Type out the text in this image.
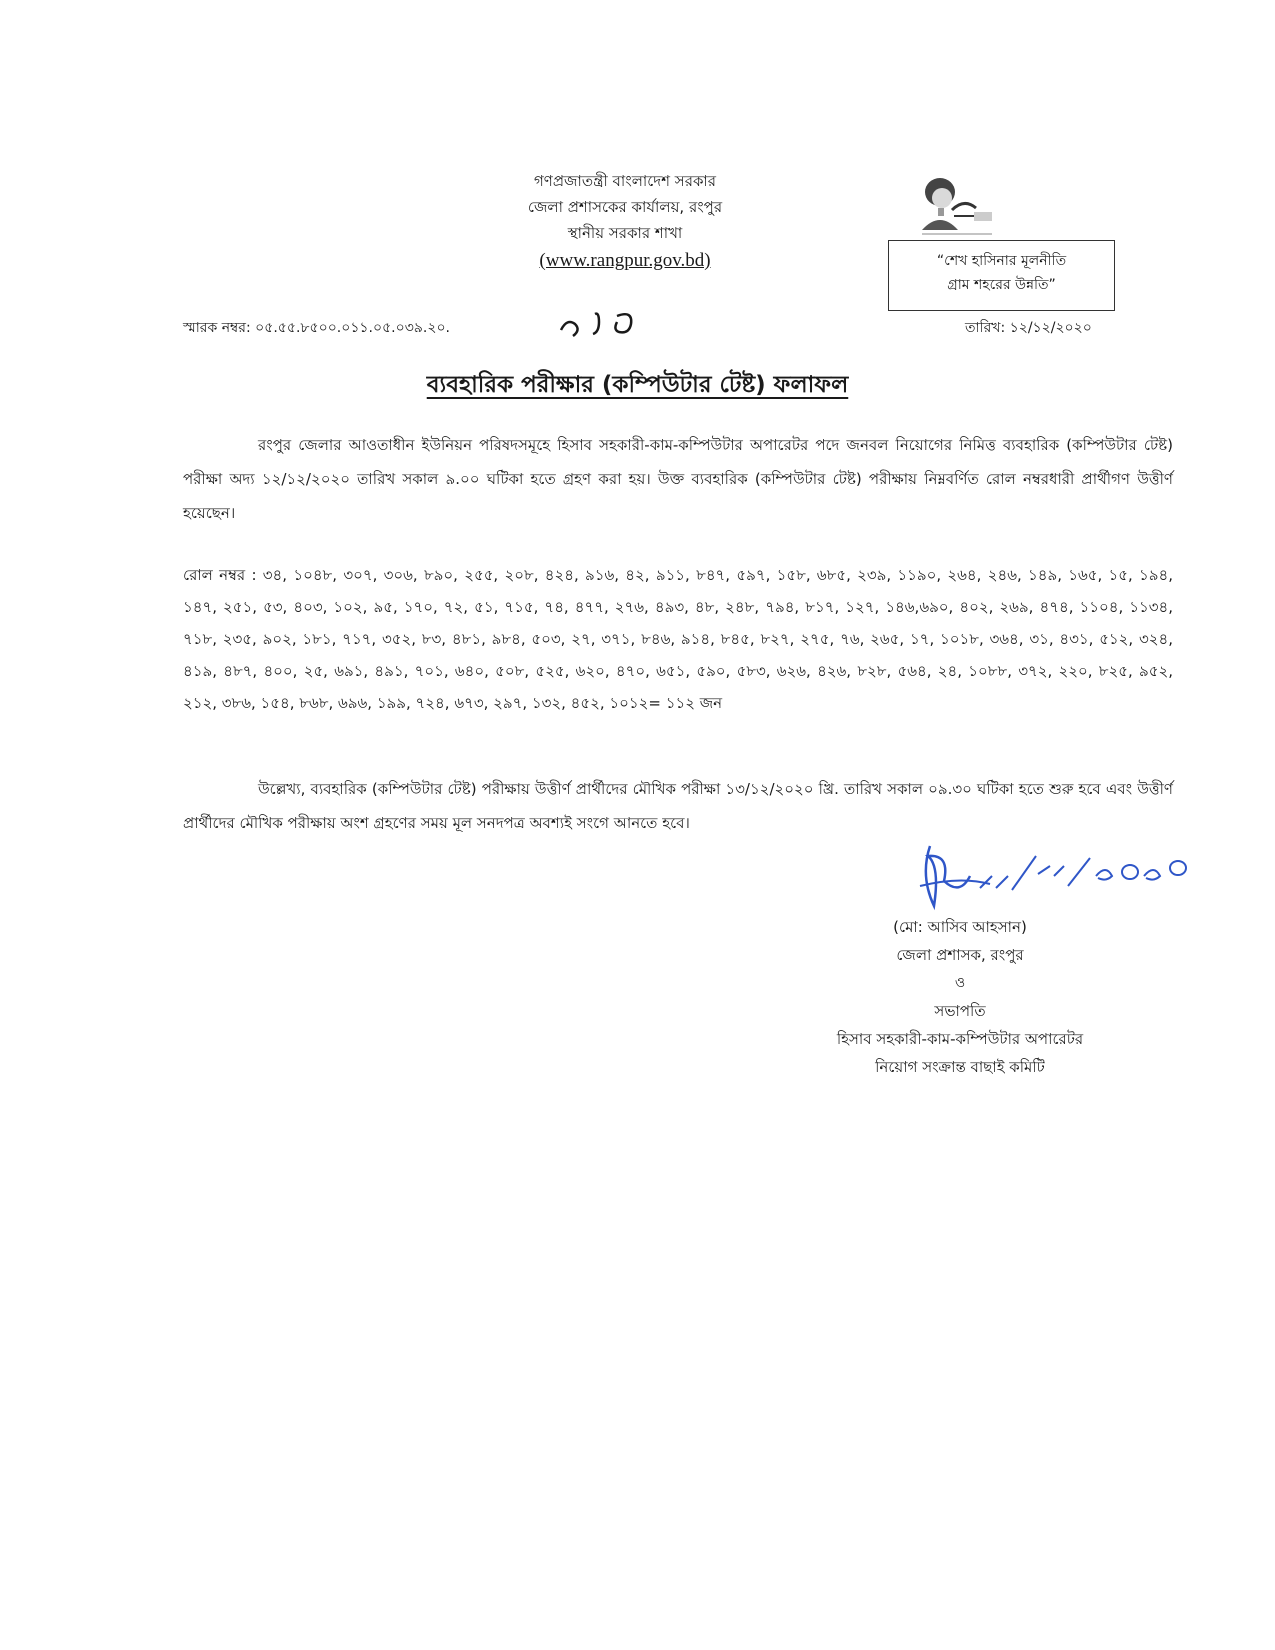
গণপ্রজাতন্ত্রী বাংলাদেশ সরকার
জেলা প্রশাসকের কার্যালয়, রংপুর
স্থানীয় সরকার শাখা
(www.rangpur.gov.bd)	“শেখ হাসিনার মূলনীতি
গ্রাম শহরের উন্নতি”
স্মারক নম্বর: ০৫.৫৫.৮৫০০.০১১.০৫.০৩৯.২০.	তারিখ: ১২/১২/২০২০
ব্যবহারিক পরীক্ষার (কম্পিউটার টেষ্ট) ফলাফল
রংপুর জেলার আওতাধীন ইউনিয়ন পরিষদসমূহে হিসাব সহকারী-কাম-কম্পিউটার অপারেটর পদে জনবল নিয়োগের নিমিত্ত ব্যবহারিক (কম্পিউটার টেষ্ট) পরীক্ষা অদ্য ১২/১২/২০২০ তারিখ সকাল ৯.০০ ঘটিকা হতে গ্রহণ করা হয়। উক্ত ব্যবহারিক (কম্পিউটার টেষ্ট) পরীক্ষায় নিম্নবর্ণিত রোল নম্বরধারী প্রার্থীগণ উত্তীর্ণ হয়েছেন।
রোল নম্বর : ৩৪, ১০৪৮, ৩০৭, ৩০৬, ৮৯০, ২৫৫, ২০৮, ৪২৪, ৯১৬, ৪২, ৯১১, ৮৪৭, ৫৯৭, ১৫৮, ৬৮৫, ২৩৯, ১১৯০, ২৬৪, ২৪৬, ১৪৯, ১৬৫, ১৫, ১৯৪, ১৪৭, ২৫১, ৫৩, ৪০৩, ১০২, ৯৫, ১৭০, ৭২, ৫১, ৭১৫, ৭৪, ৪৭৭, ২৭৬, ৪৯৩, ৪৮, ২৪৮, ৭৯৪, ৮১৭, ১২৭, ১৪৬,৬৯০, ৪০২, ২৬৯, ৪৭৪, ১১০৪, ১১৩৪, ৭১৮, ২৩৫, ৯০২, ১৮১, ৭১৭, ৩৫২, ৮৩, ৪৮১, ৯৮৪, ৫০৩, ২৭, ৩৭১, ৮৪৬, ৯১৪, ৮৪৫, ৮২৭, ২৭৫, ৭৬, ২৬৫, ১৭, ১০১৮, ৩৬৪, ৩১, ৪৩১, ৫১২, ৩২৪, ৪১৯, ৪৮৭, ৪০০, ২৫, ৬৯১, ৪৯১, ৭০১, ৬৪০, ৫০৮, ৫২৫, ৬২০, ৪৭০, ৬৫১, ৫৯০, ৫৮৩, ৬২৬, ৪২৬, ৮২৮, ৫৬৪, ২৪, ১০৮৮, ৩৭২, ২২০, ৮২৫, ৯৫২, ২১২, ৩৮৬, ১৫৪, ৮৬৮, ৬৯৬, ১৯৯, ৭২৪, ৬৭৩, ২৯৭, ১৩২, ৪৫২, ১০১২= ১১২ জন
উল্লেখ্য, ব্যবহারিক (কম্পিউটার টেষ্ট) পরীক্ষায় উত্তীর্ণ প্রার্থীদের মৌখিক পরীক্ষা ১৩/১২/২০২০ খ্রি. তারিখ সকাল ০৯.৩০ ঘটিকা হতে শুরু হবে এবং উত্তীর্ণ প্রার্থীদের মৌখিক পরীক্ষায় অংশ গ্রহণের সময় মূল সনদপত্র অবশ্যই সংগে আনতে হবে।
(মো: আসিব আহসান)
জেলা প্রশাসক, রংপুর
ও
সভাপতি
হিসাব সহকারী-কাম-কম্পিউটার অপারেটর
নিয়োগ সংক্রান্ত বাছাই কমিটি
